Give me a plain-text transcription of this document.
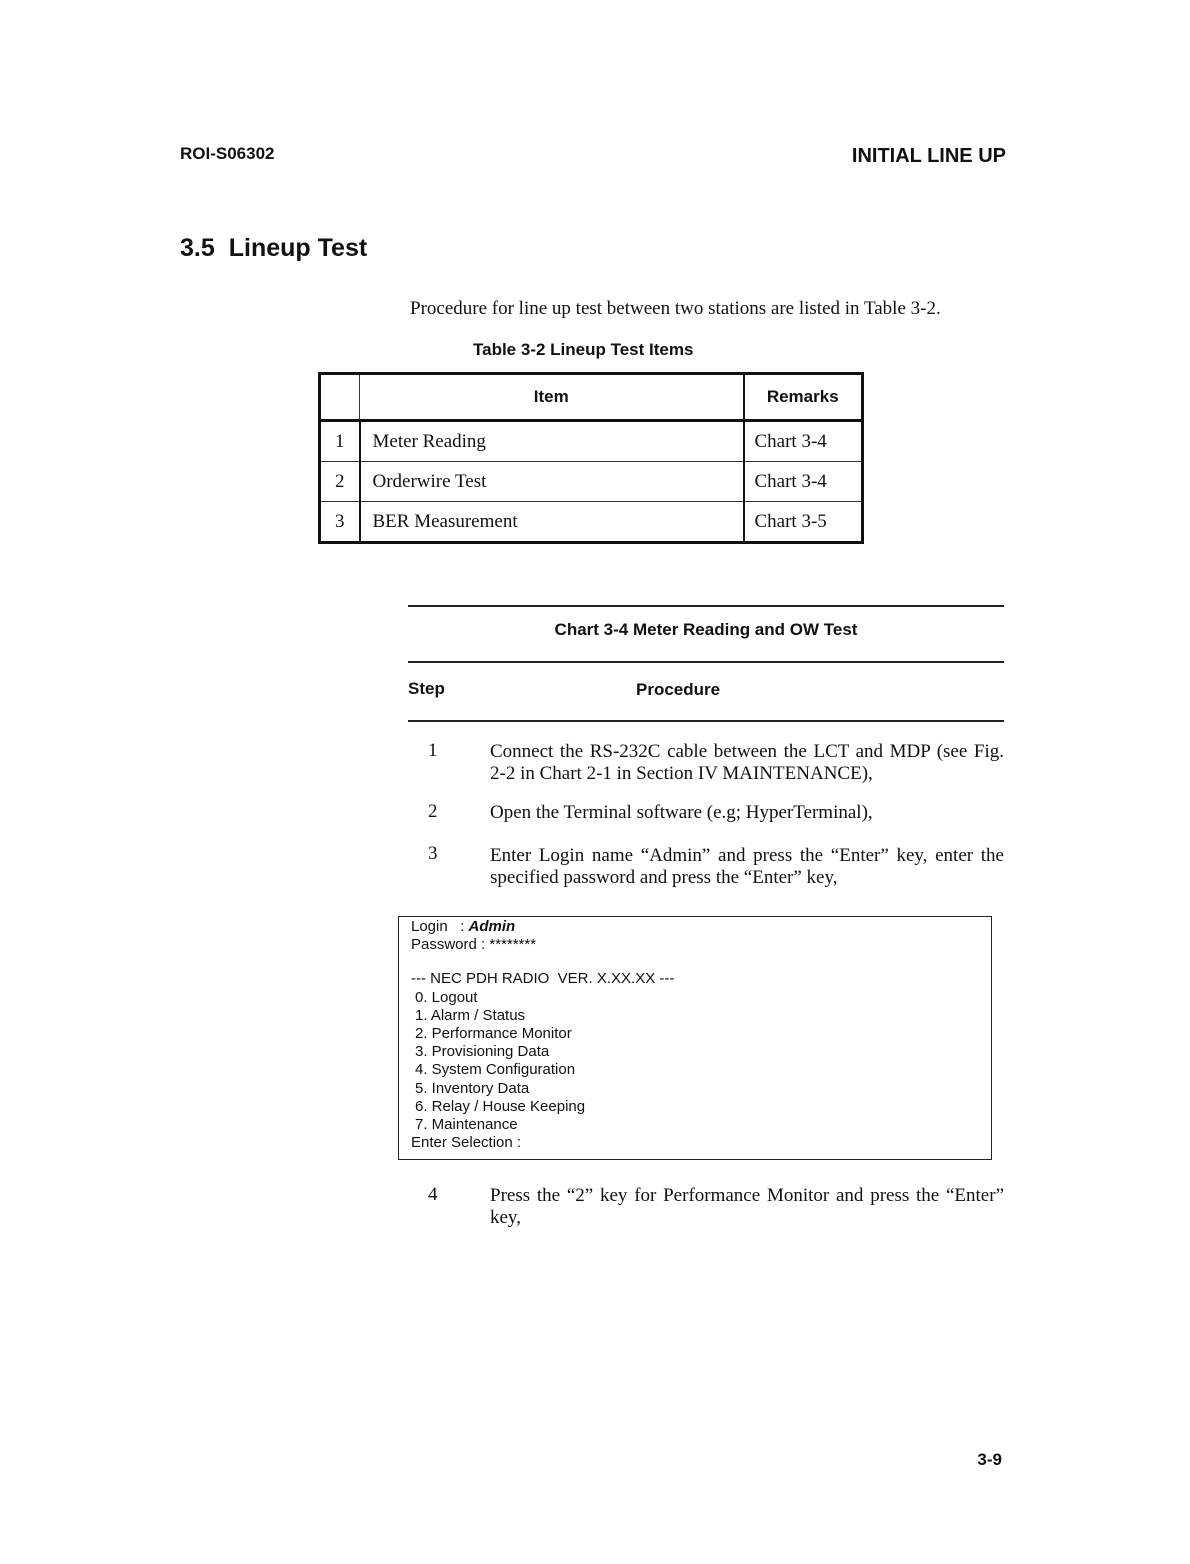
ROI-S06302	INITIAL LINE UP
3.5 Lineup Test
Procedure for line up test between two stations are listed in Table 3-2.
Table 3-2 Lineup Test Items
	Item	Remarks
1	Meter Reading	Chart 3-4
2	Orderwire Test	Chart 3-4
3	BER Measurement	Chart 3-5
Chart 3-4 Meter Reading and OW Test
Step	Procedure
1	Connect the RS-232C cable between the LCT and MDP (see Fig. 2-2 in Chart 2-1 in Section IV MAINTENANCE),
2	Open the Terminal software (e.g; HyperTerminal),
3	Enter Login name “Admin” and press the “Enter” key, enter the specified password and press the “Enter” key,
Login   : Admin
Password : ********
--- NEC PDH RADIO  VER. X.XX.XX ---
0. Logout
1. Alarm / Status
2. Performance Monitor
3. Provisioning Data
4. System Configuration
5. Inventory Data
6. Relay / House Keeping
7. Maintenance
Enter Selection :
4	Press the “2” key for Performance Monitor and press the “Enter” key,
3-9
